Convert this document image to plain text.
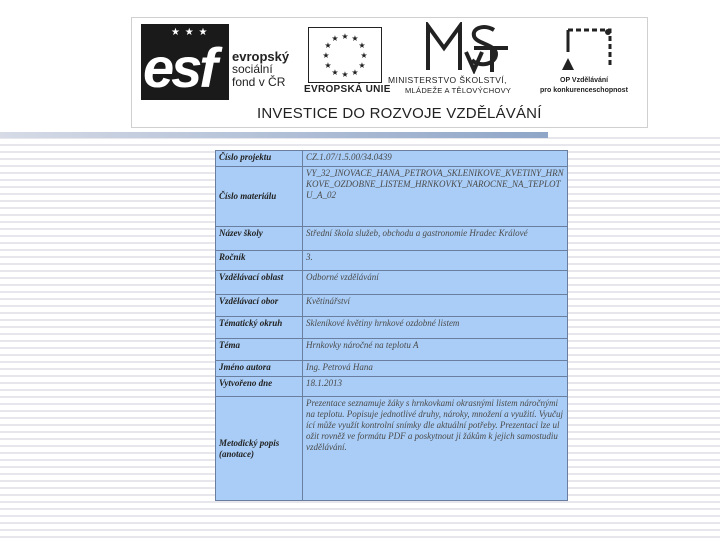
★ ★ ★
esf evropský
sociální
fond v ČR
★ ★
★
★
★
★
★
★
★
★
★
★
EVROPSKÁ UNIE
MINISTERSTVO ŠKOLSTVÍ,
MLÁDEŽE A TĚLOVÝCHOVY
OP Vzdělávání
pro konkurenceschopnost
INVESTICE DO ROZVOJE VZDĚLÁVÁNÍ
Číslo projektu	CZ.1.07/1.5.00/34.0439
Číslo materiálu	VY_32_INOVACE_HANA_PETROVA_SKLENIKOVE_KVETINY_HRNKOVE_OZDOBNE_LISTEM_HRNKOVKY_NAROCNE_NA_TEPLOTU_A_02
Název školy	Střední škola služeb, obchodu a gastronomie Hradec Králové
Ročník	3.
Vzdělávací oblast	Odborné vzdělávání
Vzdělávací obor	Květinářství
Tématický okruh	Skleníkové květiny hrnkové ozdobné listem
Téma	Hrnkovky náročné na teplotu A
Jméno autora	Ing. Petrová Hana
Vytvořeno dne	18.1.2013
Metodický popis (anotace)	Prezentace seznamuje žáky s hrnkovkami okrasnými listem náročnými na teplotu. Popisuje jednotlivé druhy, nároky, množení a využití. Vyučující může využít kontrolní snímky dle aktuální potřeby. Prezentaci lze uložit rovněž ve formátu PDF a poskytnout ji žákům k jejich samostudiu vzdělávání.
